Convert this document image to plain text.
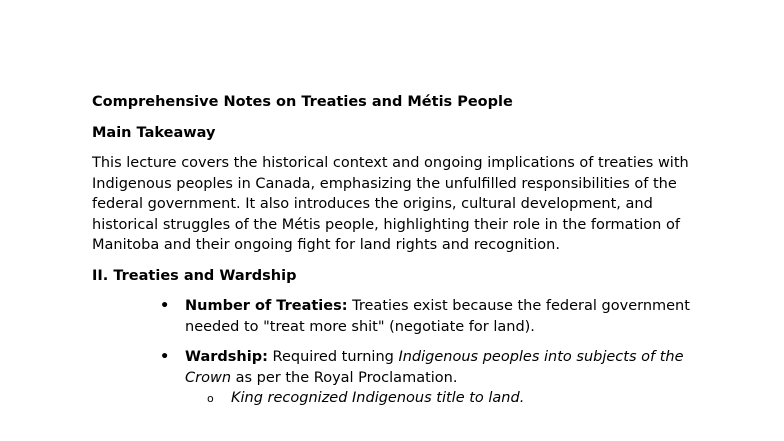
Comprehensive Notes on Treaties and Métis People
Main Takeaway
This lecture covers the historical context and ongoing implications of treaties with Indigenous peoples in Canada, emphasizing the unfulfilled responsibilities of the federal government. It also introduces the origins, cultural development, and historical struggles of the Métis people, highlighting their role in the formation of Manitoba and their ongoing fight for land rights and recognition.
II. Treaties and Wardship
• Number of Treaties: Treaties exist because the federal government needed to "treat more shit" (negotiate for land).
• Wardship: Required turning Indigenous peoples into subjects of the Crown as per the Royal Proclamation.
o King recognized Indigenous title to land.
